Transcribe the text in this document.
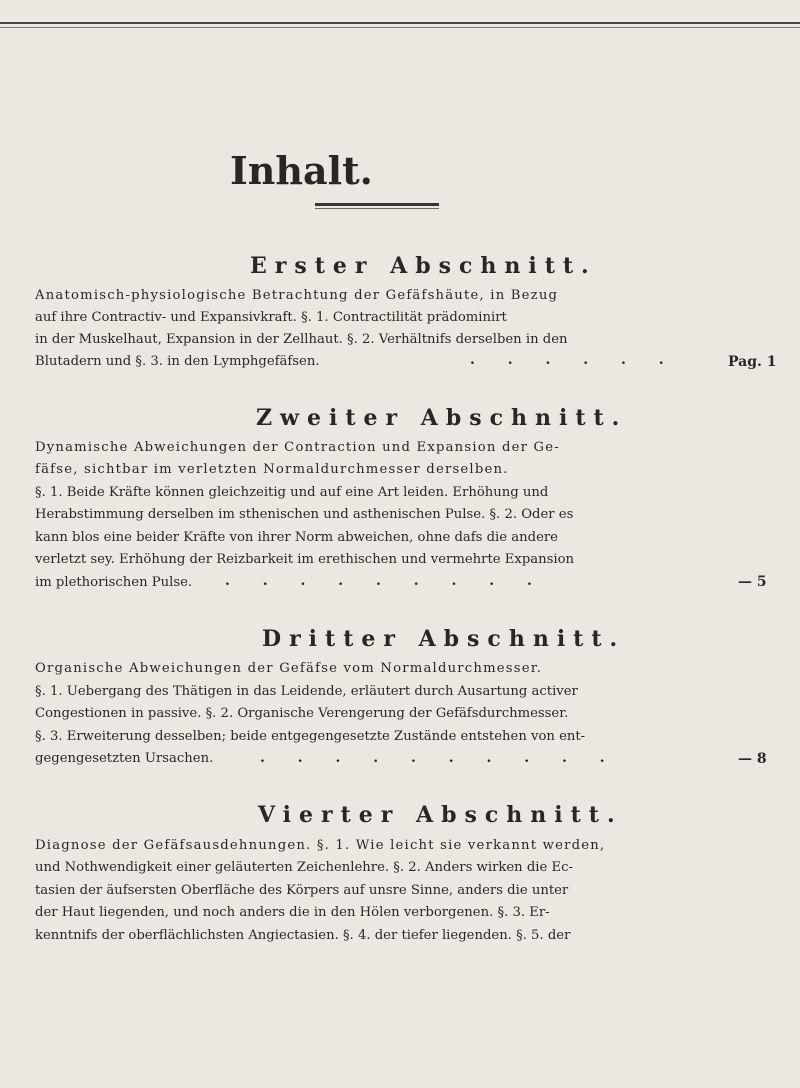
Inhalt.
Erster Abschnitt.
Anatomisch-physiologische Betrachtung der Gefäfshäute, in Bezug
auf ihre Contractiv- und Expansivkraft. §. 1. Contractilität prädominirt
in der Muskelhaut, Expansion in der Zellhaut. §. 2. Verhältnifs derselben in den
Blutadern und §. 3. in den Lymphgefäfsen.	. . . . . .	Pag. 1
Zweiter Abschnitt.
Dynamische Abweichungen der Contraction und Expansion der Ge-
fäfse, sichtbar im verletzten Normaldurchmesser derselben.
§. 1. Beide Kräfte können gleichzeitig und auf eine Art leiden. Erhöhung und
Herabstimmung derselben im sthenischen und asthenischen Pulse. §. 2. Oder es
kann blos eine beider Kräfte von ihrer Norm abweichen, ohne dafs die andere
verletzt sey. Erhöhung der Reizbarkeit im erethischen und vermehrte Expansion
im plethorischen Pulse. . . . . . . . . .	— 5
Dritter Abschnitt.
Organische Abweichungen der Gefäfse vom Normaldurchmesser.
§. 1. Uebergang des Thätigen in das Leidende, erläutert durch Ausartung activer
Congestionen in passive. §. 2. Organische Verengerung der Gefäfsdurchmesser.
§. 3. Erweiterung desselben; beide entgegengesetzte Zustände entstehen von ent-
gegengesetzten Ursachen.	. . . . . . . . . .	— 8
Vierter Abschnitt.
Diagnose der Gefäfsausdehnungen. §. 1. Wie leicht sie verkannt werden,
und Nothwendigkeit einer geläuterten Zeichenlehre. §. 2. Anders wirken die Ec-
tasien der äufsersten Oberfläche des Körpers auf unsre Sinne, anders die unter
der Haut liegenden, und noch anders die in den Hölen verborgenen. §. 3. Er-
kenntnifs der oberflächlichsten Angiectasien. §. 4. der tiefer liegenden. §. 5. der
